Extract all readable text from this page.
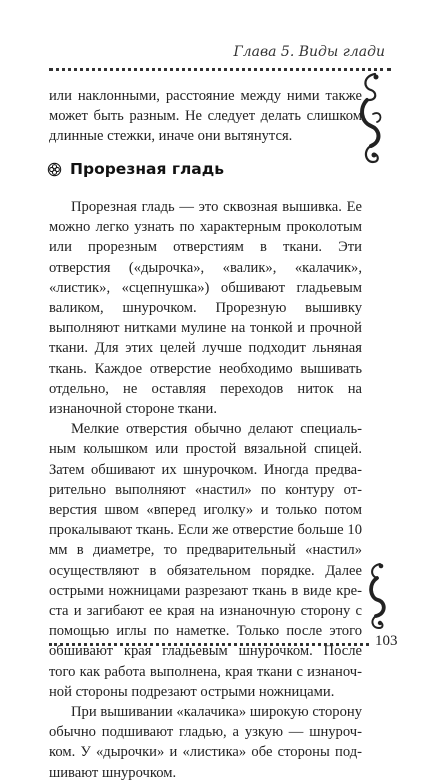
Глава 5. Виды глади

или наклонными, расстояние между ними также может быть разным. Не следует делать слишком длинные стежки, иначе они вытянутся.

Прорезная гладь

Прорезная гладь — это сквозная вышивка. Ее можно легко узнать по характерным проколотым или прорезным отверстиям в ткани. Эти отверстия («дырочка», «валик», «калачик», «листик», «сцепнушка») обшивают гладьевым валиком, шнурочком. Прорезную вышивку выполняют нитками мулине на тонкой и прочной ткани. Для этих целей лучше подходит льняная ткань. Каждое отверстие необходимо вышивать отдельно, не оставляя переходов ниток на изнаночной стороне ткани.

Мелкие отверстия обычно делают специальным колышком или простой вязальной спицей. Затем обшивают их шнурочком. Иногда предварительно выполняют «настил» по контуру отверстия швом «вперед иголку» и только потом прокалывают ткань. Если же отверстие больше 10 мм в диаметре, то предварительный «настил» осуществляют в обязательном порядке. Далее острыми ножницами разрезают ткань в виде креста и загибают ее края на изнаночную сторону с помощью иглы по наметке. Только после этого обшивают края гладьевым шнурочком. После того как работа выполнена, края ткани с изнаночной стороны подрезают острыми ножницами.

При вышивании «калачика» широкую сторону обычно подшивают гладью, а узкую — шнурочком. У «дырочки» и «листика» обе стороны подшивают шнурочком.

103
